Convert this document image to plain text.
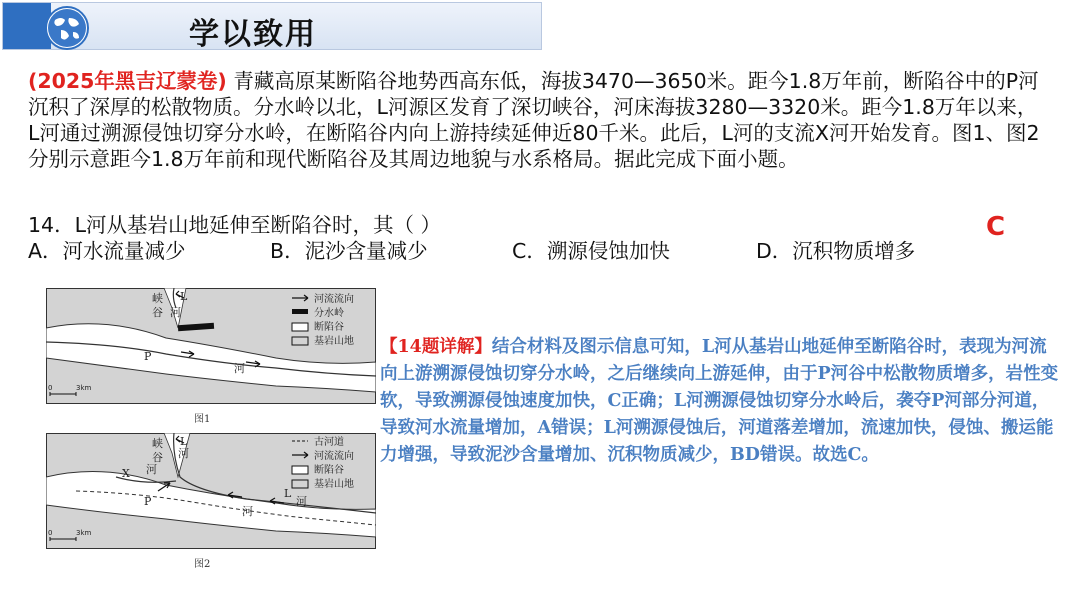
学以致用
(2025年黑吉辽蒙卷) 青藏高原某断陷谷地势西高东低，海拔3470—3650米。距今1.8万年前，断陷谷中的P河沉积了深厚的松散物质。分水岭以北，L河源区发育了深切峡谷，河床海拔3280—3320米。距今1.8万年以来，L河通过溯源侵蚀切穿分水岭，在断陷谷内向上游持续延伸近80千米。此后，L河的支流X河开始发育。图1、图2分别示意距今1.8万年前和现代断陷谷及其周边地貌与水系格局。据此完成下面小题。
14．L河从基岩山地延伸至断陷谷时，其（ ）
A．河水流量减少	B．泥沙含量减少	C．溯源侵蚀加快	D．沉积物质增多
C
峡
谷
L
河
P
河
0	3km
河流流向
分水岭
断陷谷
基岩山地
图1
峡
谷
L
河
X 河
P
河
L
河
0	3km
古河道
河流流向
断陷谷
基岩山地
图2
【14题详解】结合材料及图示信息可知，L河从基岩山地延伸至断陷谷时，表现为河流向上游溯源侵蚀切穿分水岭，之后继续向上游延伸，由于P河谷中松散物质增多，岩性变软，导致溯源侵蚀速度加快，C正确；L河溯源侵蚀切穿分水岭后，袭夺P河部分河道，导致河水流量增加，A错误；L河溯源侵蚀后，河道落差增加，流速加快，侵蚀、搬运能力增强，导致泥沙含量增加、沉积物质减少，BD错误。故选C。
